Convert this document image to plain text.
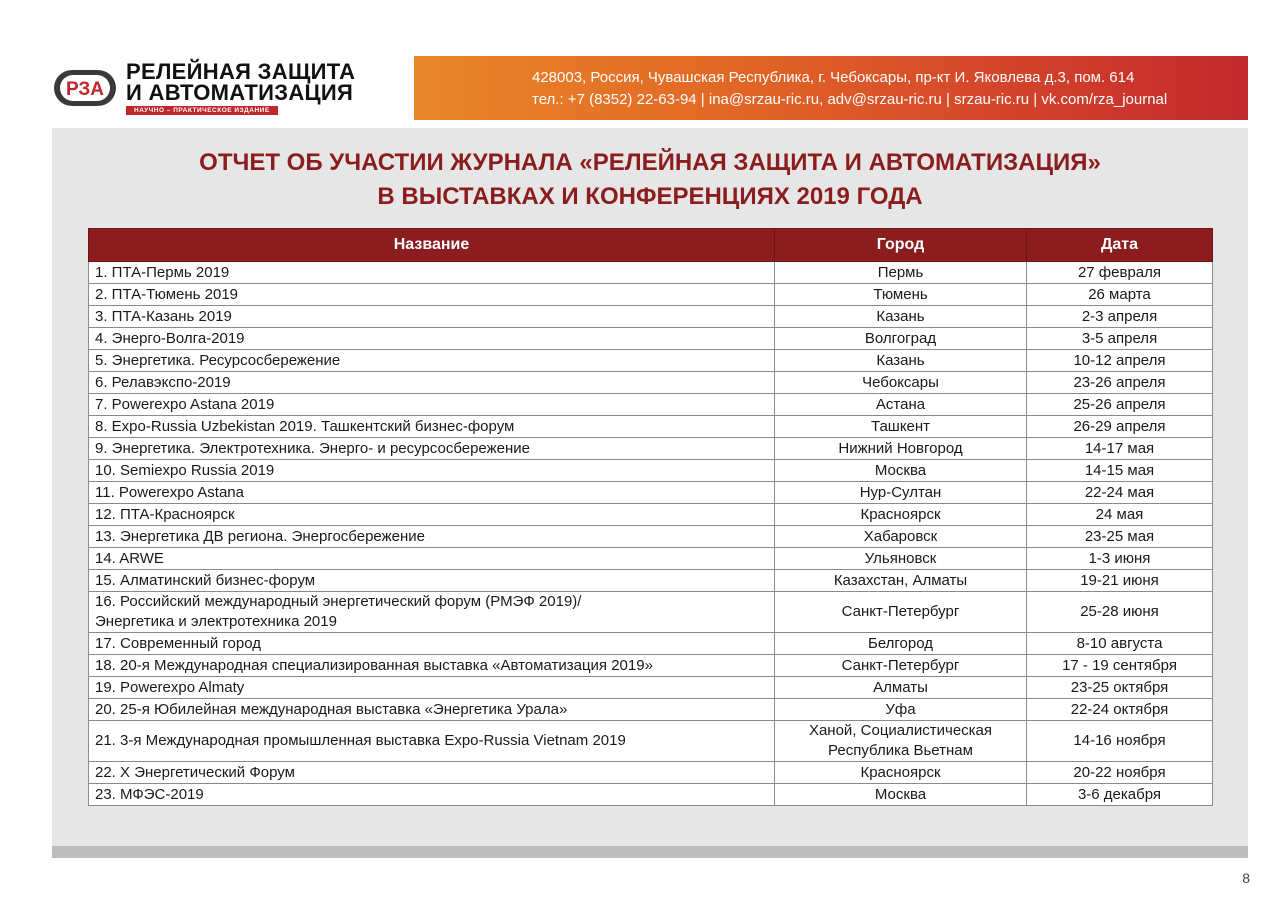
РЗА
РЕЛЕЙНАЯ ЗАЩИТА
И АВТОМАТИЗАЦИЯ
НАУЧНО – ПРАКТИЧЕСКОЕ ИЗДАНИЕ
428003, Россия, Чувашская Республика, г. Чебоксары, пр-кт И. Яковлева д.3, пом. 614
тел.: +7 (8352) 22-63-94 | ina@srzau-ric.ru, adv@srzau-ric.ru | srzau-ric.ru | vk.com/rza_journal
ОТЧЕТ ОБ УЧАСТИИ ЖУРНАЛА «РЕЛЕЙНАЯ ЗАЩИТА И АВТОМАТИЗАЦИЯ»
В ВЫСТАВКАХ И КОНФЕРЕНЦИЯХ 2019 ГОДА
Название	Город	Дата
1. ПТА-Пермь 2019	Пермь	27 февраля
2. ПТА-Тюмень 2019	Тюмень	26 марта
3. ПТА-Казань 2019	Казань	2-3 апреля
4. Энерго-Волга-2019	Волгоград	3-5 апреля
5. Энергетика. Ресурсосбережение	Казань	10-12 апреля
6. Релавэкспо-2019	Чебоксары	23-26 апреля
7. Powerexpo Astana 2019	Астана	25-26 апреля
8. Expo-Russia Uzbekistan 2019. Ташкентский бизнес-форум	Ташкент	26-29 апреля
9. Энергетика. Электротехника. Энерго- и ресурсосбережение	Нижний Новгород	14-17 мая
10. Semiexpo Russia 2019	Москва	14-15 мая
11. Powerexpo Astana	Нур-Султан	22-24 мая
12. ПТА-Красноярск	Красноярск	24 мая
13. Энергетика ДВ региона. Энергосбережение	Хабаровск	23-25 мая
14. ARWE	Ульяновск	1-3 июня
15. Алматинский бизнес-форум	Казахстан, Алматы	19-21 июня

16. Российский международный энергетический форум (РМЭФ 2019)/
Энергетика и электротехника 2019	Санкт-Петербург	25-28 июня
17. Современный город	Белгород	8-10 августа
18. 20-я Международная специализированная выставка «Автоматизация 2019»	Санкт-Петербург	17 - 19 сентября
19. Powerexpo Almaty	Алматы	23-25 октября
20. 25-я Юбилейная международная выставка «Энергетика Урала»	Уфа	22-24 октября
21. 3-я Международная промышленная выставка Expo-Russia Vietnam 2019	Ханой, Социалистическая
Республика Вьетнам	14-16 ноября
22. X Энергетический Форум	Красноярск	20-22 ноября
23. МФЭС-2019	Москва	3-6 декабря
8
